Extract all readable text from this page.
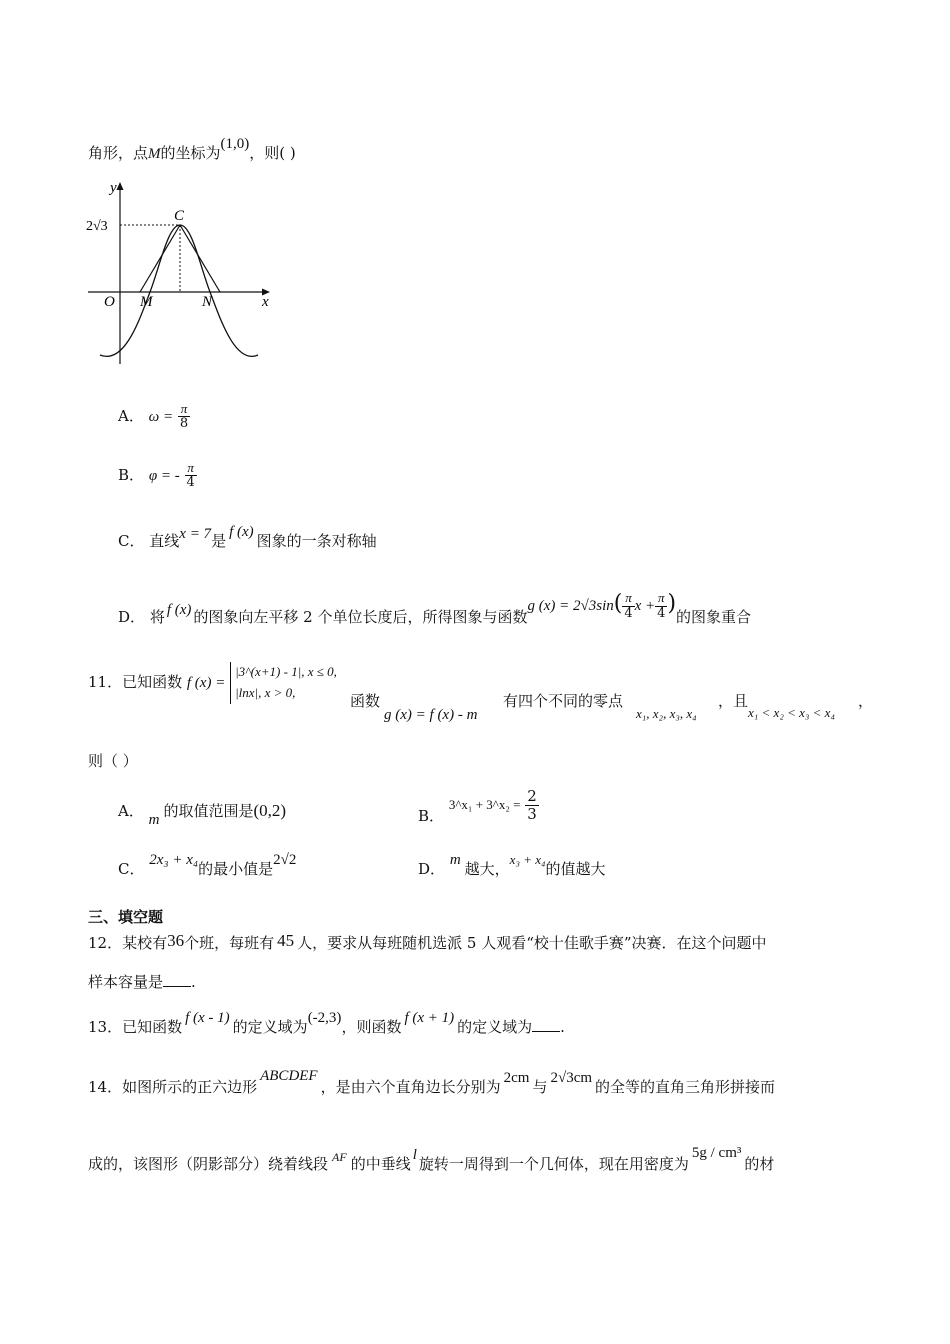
角形，点M的坐标为(1,0)，则( )
y
x
O M	N
C
2√3
A． $\omega = \frac{\pi}{8}$
B． φ = - $\frac{\pi}{4}$
C． 直线x = 7是 f (x) 图象的一条对称轴
D． 将 f (x) 的图象向左平移 2 个单位长度后，所得图象与函数g $(x) = 2√3\sin( \frac{\pi}{4}$ $x + \frac{\pi}{4}$ )的图象重合
11．已知函数 f (x) =
|3^(x+1) - 1|, x ≤ 0,
|lnx|, x > 0,	函数
g (x) = f (x) - m
有四个不同的零点
x₁, x₂, x₃, x₄
，且
x₁ < x₂ < x₃ < x₄
，
则（ ）
A． m 的取值范围是(0,2)	B． 3^x₁ + 3^x₂ = $\frac{2}{3}$
C． 2x₃ + x₄的最小值是2√2	D． m 越大，x₃ + x₄的值越大
三、填空题
12．某校有36个班，每班有 45 人，要求从每班随机选派 5 人观看“校十佳歌手赛”决赛．在这个问题中
样本容量是 .
13．已知函数 f (x - 1) 的定义域为(-2,3)，则函数 f (x + 1) 的定义域为 .
14．如图所示的正六边形ABCDEF，是由六个直角边长分别为 2cm 与 2√3cm 的全等的直角三角形拼接而
成的，该图形（阴影部分）绕着线段 $^{AF}$ 的中垂线 l 旋转一周得到一个几何体，现在用密度为5g / cm³的材
